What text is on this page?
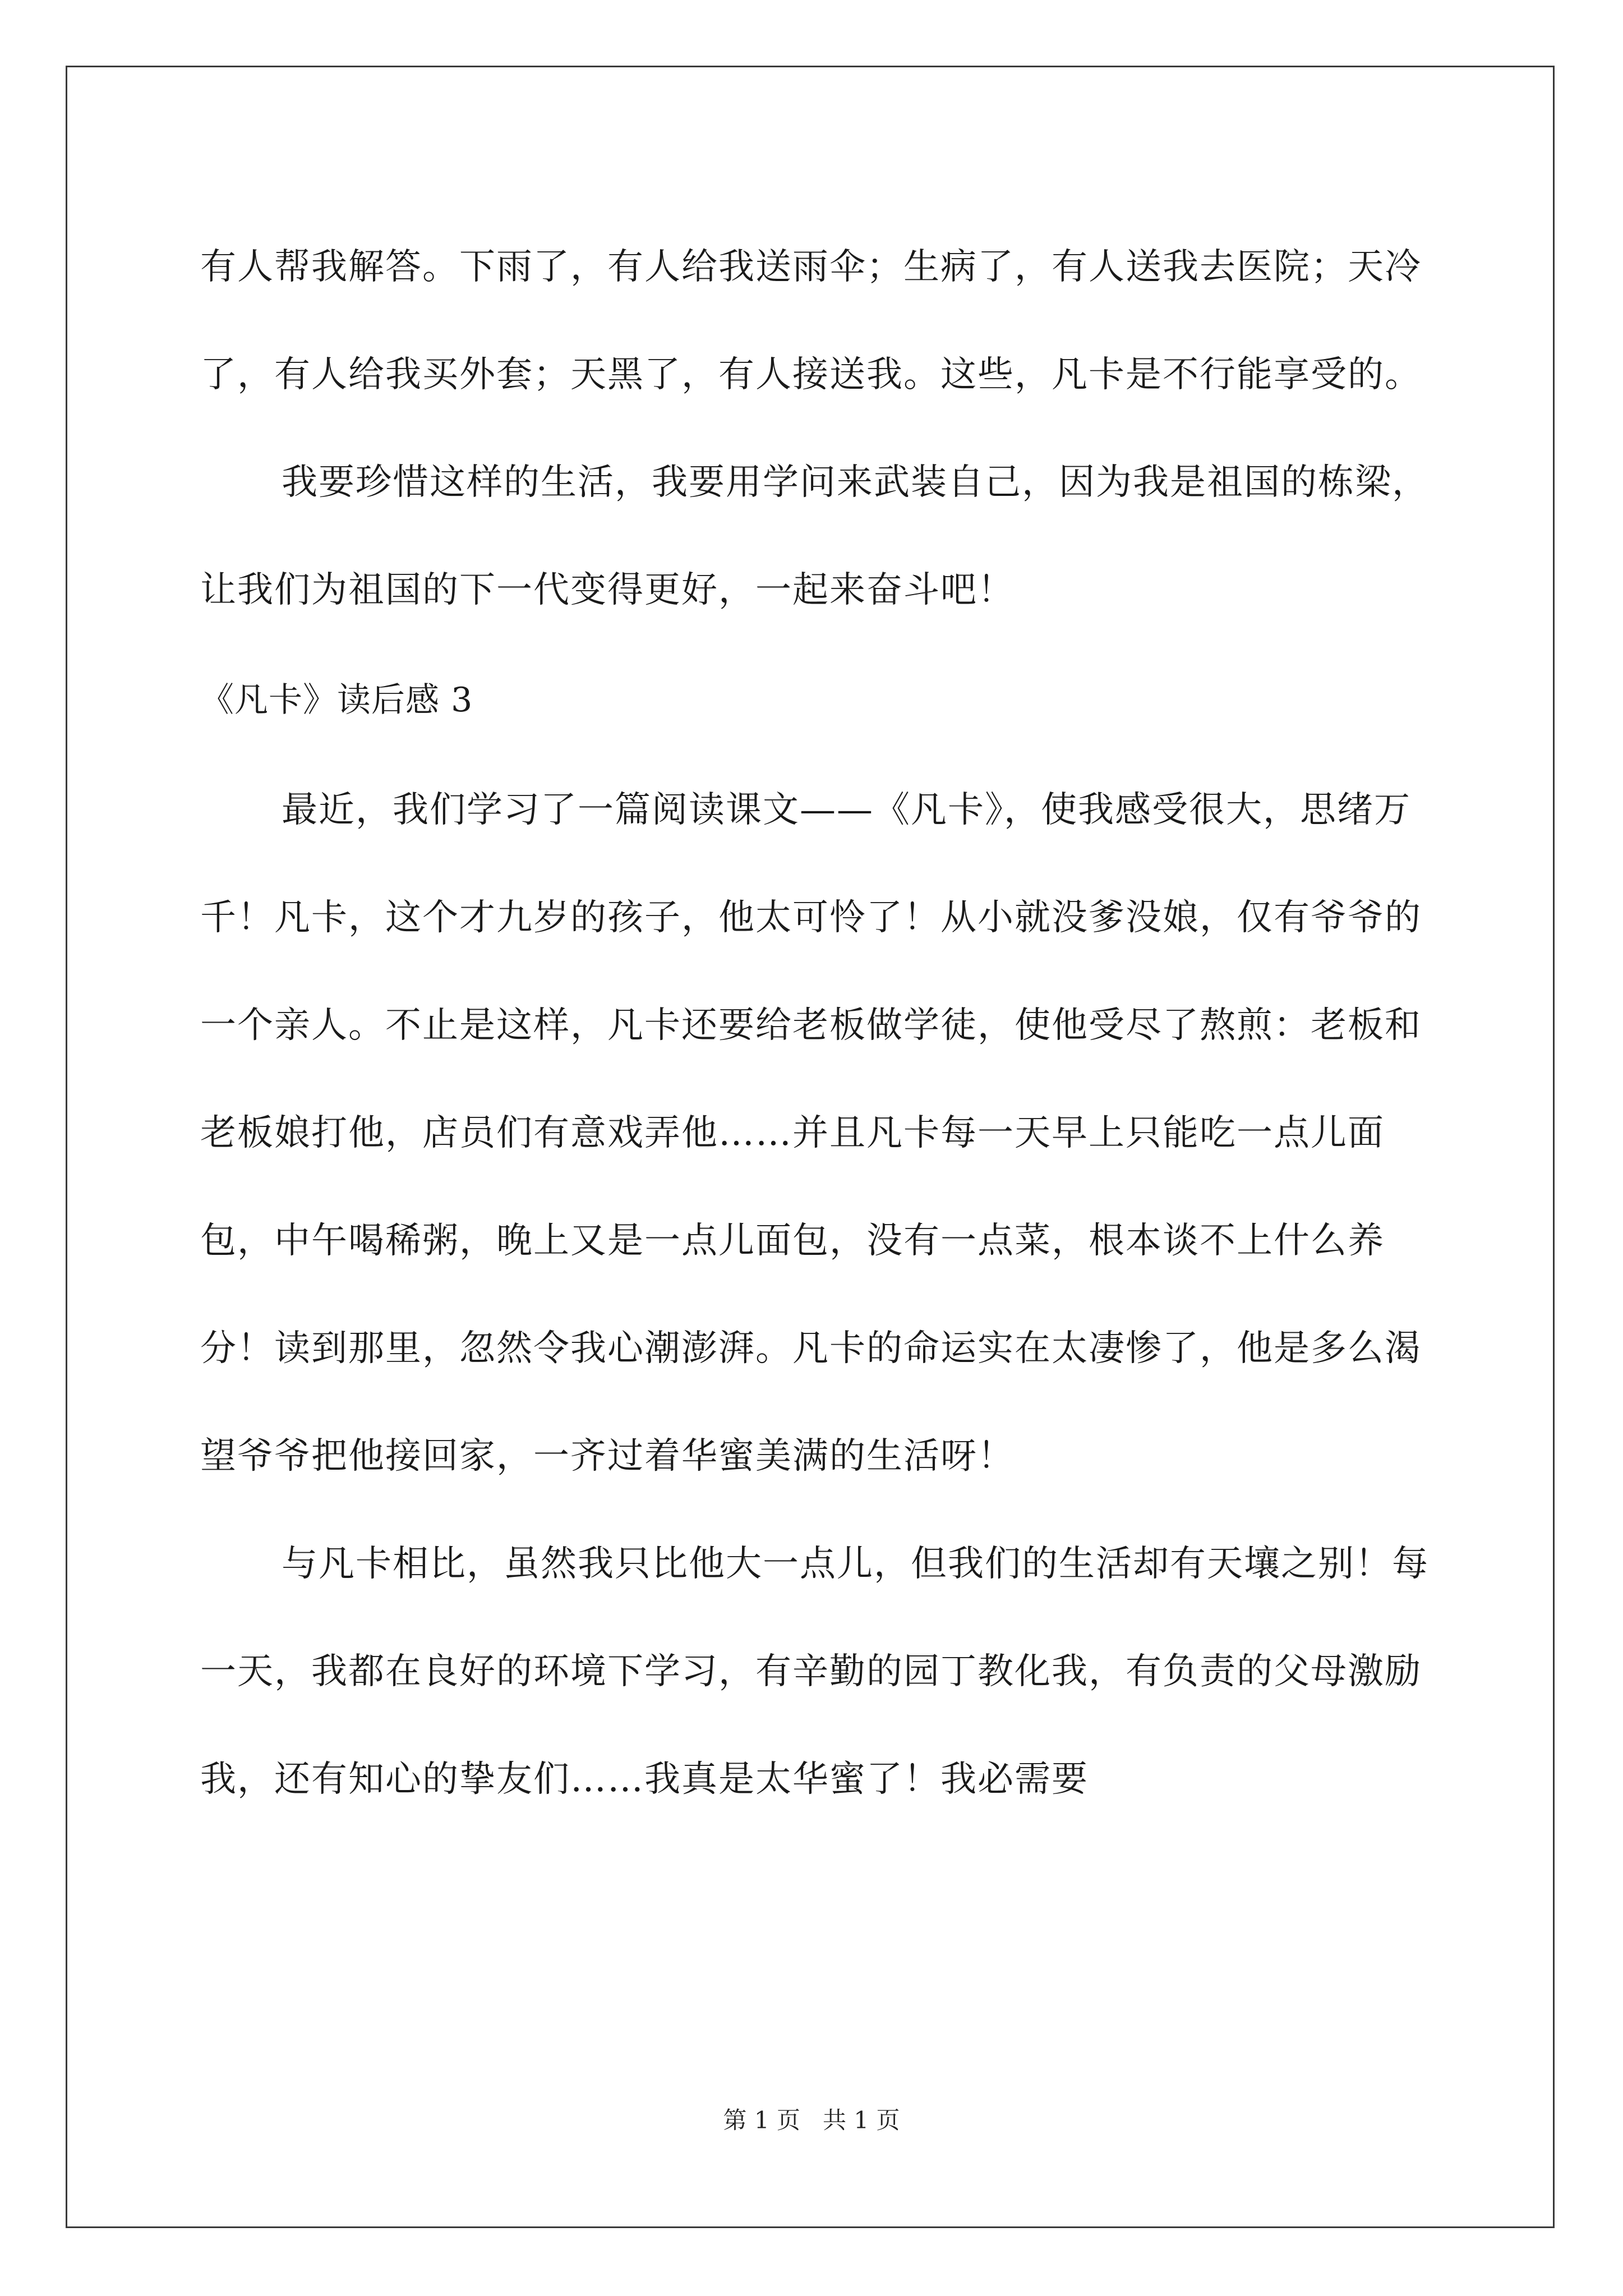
有人帮我解答。下雨了，有人给我送雨伞；生病了，有人送我去医院；天冷了，有人给我买外套；天黑了，有人接送我。这些，凡卡是不行能享受的。

我要珍惜这样的生活，我要用学问来武装自己，因为我是祖国的栋梁，让我们为祖国的下一代变得更好，一起来奋斗吧！

《凡卡》读后感 3

最近，我们学习了一篇阅读课文——《凡卡》，使我感受很大，思绪万千！凡卡，这个才九岁的孩子，他太可怜了！从小就没爹没娘，仅有爷爷的一个亲人。不止是这样，凡卡还要给老板做学徒，使他受尽了熬煎：老板和老板娘打他，店员们有意戏弄他……并且凡卡每一天早上只能吃一点儿面包，中午喝稀粥，晚上又是一点儿面包，没有一点菜，根本谈不上什么养分！读到那里，忽然令我心潮澎湃。凡卡的命运实在太凄惨了，他是多么渴望爷爷把他接回家，一齐过着华蜜美满的生活呀！

与凡卡相比，虽然我只比他大一点儿，但我们的生活却有天壤之别！每一天，我都在良好的环境下学习，有辛勤的园丁教化我，有负责的父母激励我，还有知心的挚友们……我真是太华蜜了！我必需要

第 1 页 共 1 页
